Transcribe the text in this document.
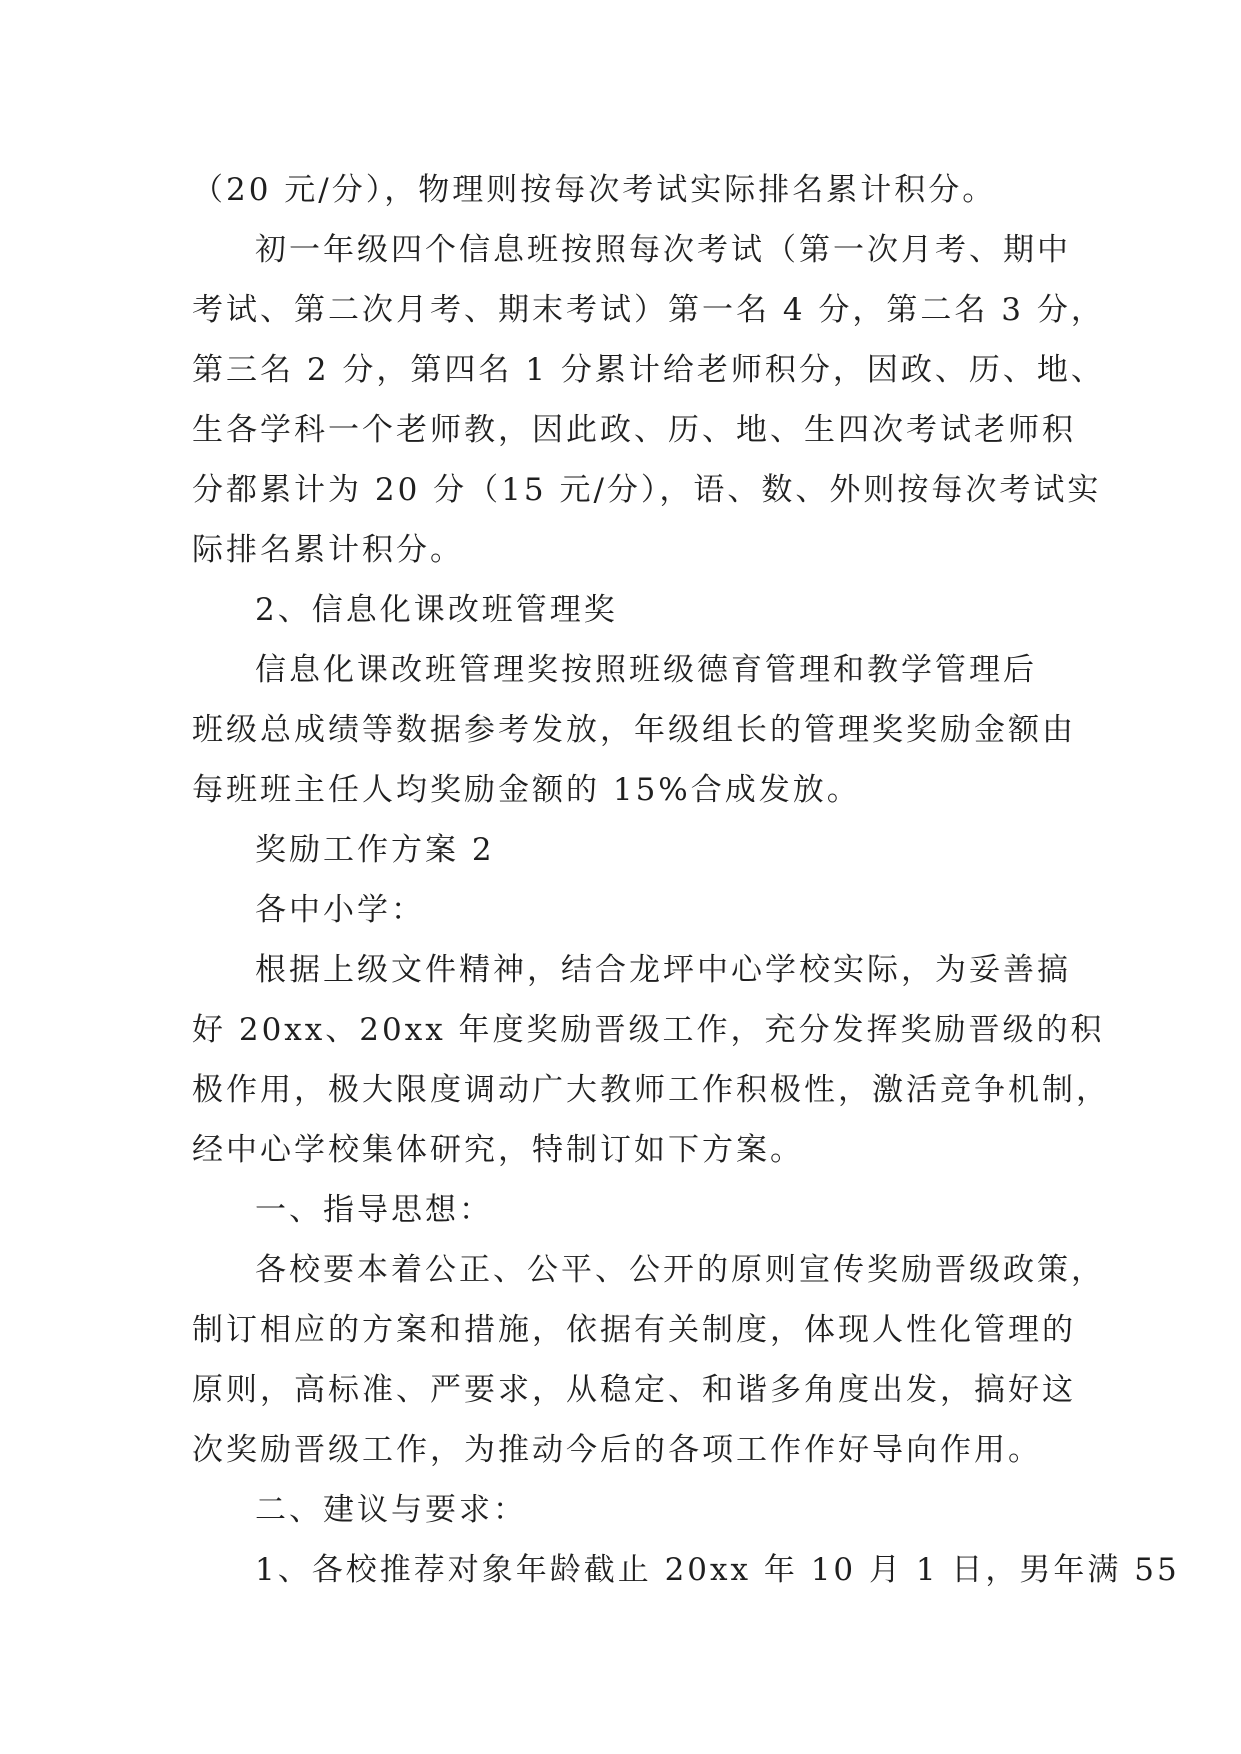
（20 元/分），物理则按每次考试实际排名累计积分。
初一年级四个信息班按照每次考试（第一次月考、期中
考试、第二次月考、期末考试）第一名 4 分，第二名 3 分，
第三名 2 分，第四名 1 分累计给老师积分，因政、历、地、
生各学科一个老师教，因此政、历、地、生四次考试老师积
分都累计为 20 分（15 元/分），语、数、外则按每次考试实
际排名累计积分。
2、信息化课改班管理奖
信息化课改班管理奖按照班级德育管理和教学管理后
班级总成绩等数据参考发放，年级组长的管理奖奖励金额由
每班班主任人均奖励金额的 15%合成发放。
奖励工作方案 2
各中小学：
根据上级文件精神，结合龙坪中心学校实际，为妥善搞
好 20xx、20xx 年度奖励晋级工作，充分发挥奖励晋级的积
极作用，极大限度调动广大教师工作积极性，激活竞争机制，
经中心学校集体研究，特制订如下方案。
一、指导思想：
各校要本着公正、公平、公开的原则宣传奖励晋级政策，
制订相应的方案和措施，依据有关制度，体现人性化管理的
原则，高标准、严要求，从稳定、和谐多角度出发，搞好这
次奖励晋级工作，为推动今后的各项工作作好导向作用。
二、建议与要求：
1、各校推荐对象年龄截止 20xx 年 10 月 1 日，男年满 55
